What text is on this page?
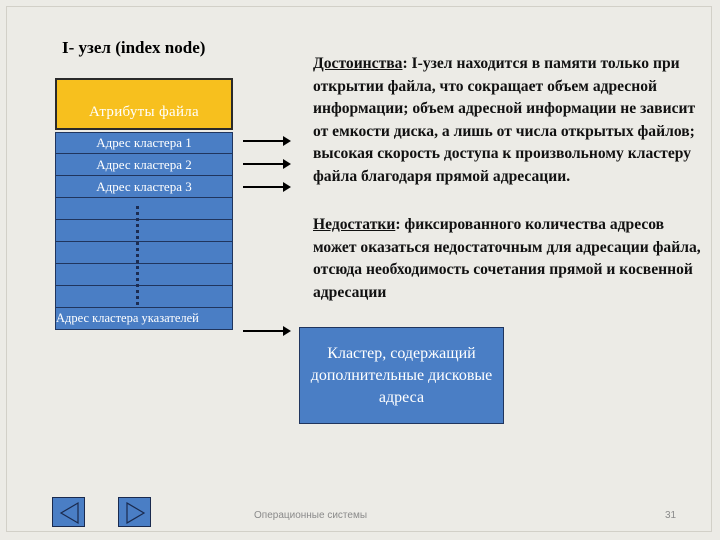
I- узел (index node)
Атрибуты файла
Адрес кластера 1
Адрес кластера 2
Адрес кластера 3
Адрес кластера указателей
Достоинства: I-узел находится в памяти только при открытии файла, что сокращает объем адресной информации; объем адресной информации не зависит от емкости диска, а лишь от числа открытых файлов; высокая скорость доступа к произвольному кластеру файла благодаря прямой адресации.
Недостатки: фиксированного количества адресов может оказаться недостаточным для адресации файла, отсюда необходимость сочетания прямой и косвенной адресации
Кластер, содержащий дополнительные дисковые адреса
Операционные системы	31
